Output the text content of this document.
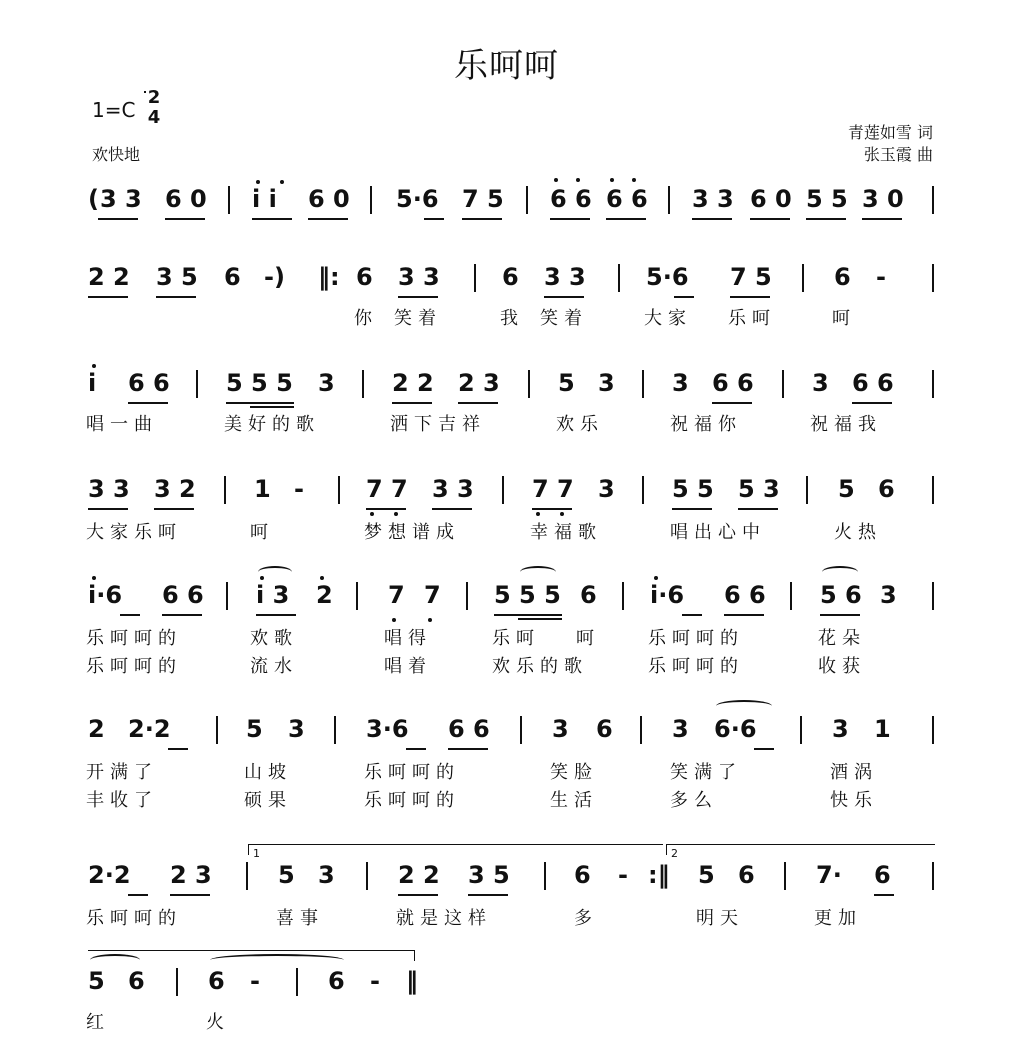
乐呵呵
1=C
2
4
欢快地
青莲如雪 词
张玉霞 曲
( 3 3 6 0 i i 6 0 5·6 7 5 6 6 6 6 3 3 6 0 5 5 3 0
2 2 3 5 6 -) ‖: 6 3 3	6 3 3	5·6 7 5	6 -
你 笑着	我 笑着	大家 乐呵	呵
i 6 6 5 5 5 3 2 2 2 3 5 3 3 6 6 3 6 6
唱一曲	美好的歌	洒下吉祥	欢乐	祝福你	祝福我
3 3 3 2 1 -	7 7 3 3 7 7 3 5 5 5 3 5 6
大家乐呵	呵	梦想谱成	幸福歌	唱出心中	火热
i·6 6 6 i 3 2 7 7 5 5 5 6 i·6 6 6 5 6 3
乐呵呵的	欢歌	唱得	乐呵 呵	乐呵呵的	花朵
乐呵呵的	流水	唱着	欢乐的歌	乐呵呵的	收获
2 2·2	5 3	3·6 6 6	3 6 3 6·6	3 1
开满了	山坡	乐呵呵的	笑脸	笑满了	酒涡
丰收了	硕果	乐呵呵的	生活	多么	快乐
1	2
2·2 2 3	5 3	2 2 3 5	6 - :‖ 5 6	7· 6
乐呵呵的	喜事	就是这样	多	明天	更加
5 6	6 -	6 - ‖
红	火
